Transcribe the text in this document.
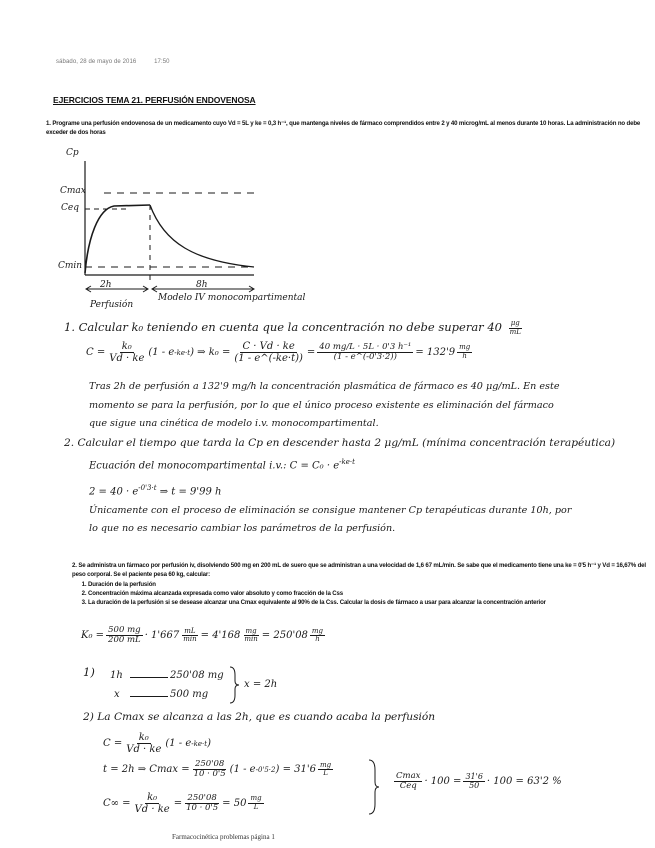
sábado, 28 de mayo de 2016	17:50
EJERCICIOS TEMA 21. PERFUSIÓN ENDOVENOSA
1. Programe una perfusión endovenosa de un medicamento cuyo Vd = 5L y ke = 0,3 h⁻¹, que mantenga niveles de fármaco comprendidos entre 2 y 40 microg/mL al menos durante 10 horas. La administración no debe exceder de dos horas
Cp
Cmax
Ceq
Cmin
2h
Perfusión
8h
Modelo IV monocompartimental
1. Calcular k₀ teniendo en cuenta que la concentración no debe superar $40 \frac{\mu g}{mL}$
$C = \frac{\text{k₀}}{Vd \cdot ke} (1 - e$ -ke·t ) ⇒ $k_0 = \frac{C \cdot Vd \cdot ke}{(1 - e\^{}(-ke\cdot t))} = \frac{\text{40 mg/L · 5L · 0'3 h⁻¹}}{(1 - e\^{}(-0'3\cdot 2))} = 132'9 \frac{mg}{h}$
Tras 2h de perfusión a 132'9 mg/h la concentración plasmática de fármaco es 40 μg/mL. En este
momento se para la perfusión, por lo que el único proceso existente es eliminación del fármaco
que sigue una cinética de modelo i.v. monocompartimental.
2. Calcular el tiempo que tarda la Cp en descender hasta 2 μg/mL (mínima concentración terapéutica)
Ecuación del monocompartimental i.v.: $C = C_0 \cdot e^{-ke\cdot t}$
$2 = 40 \cdot e^{-0'3\cdot t}$ ⇒ t = 9'99 h
Únicamente con el proceso de eliminación se consigue mantener Cp terapéuticas durante 10h, por
lo que no es necesario cambiar los parámetros de la perfusión.
2. Se administra un fármaco por perfusión iv, disolviendo 500 mg en 200 mL de suero que se administran a una velocidad de 1,6 67 mL/min. Se sabe que el medicamento tiene una ke = 0'5 h⁻¹ y Vd = 16,67% del peso corporal. Se el paciente pesa 60 kg, calcular:
1. Duración de la perfusión
2. Concentración máxima alcanzada expresada como valor absoluto y como fracción de la Css
3. La duración de la perfusión si se desease alcanzar una Cmax equivalente al 90% de la Css. Calcular la dosis de fármaco a usar para alcanzar la concentración anterior
$K_0 = \frac{500 mg}{200 mL} \cdot 1'667 \frac{mL}{\min} = 4'168 \frac{mg}{\min} = 250'08 \frac{mg}{h}$
1) 1h	250'08 mg
x	500 mg
x = 2h
2) La Cmax se alcanza a las 2h, que es cuando acaba la perfusión
$C = \frac{\text{k₀}}{Vd \cdot ke} (1 - e$ -ke·t )
t = 2h ⇒ $Cmax = \frac{250'08}{10 \cdot 0'5} (1 - e$ -0'5·2 ) = $31'6 \frac{mg}{L}$
$C\infty = \frac{\text{k₀}}{Vd \cdot ke} = \frac{250'08}{10 \cdot 0'5} = 50 \frac{mg}{L}$
$\frac{Cmax}{\text{Ceq}} \cdot 100 = \frac{31'6}{50} \cdot 100 = 63'2$ %
Farmacocinética problemas página 1
